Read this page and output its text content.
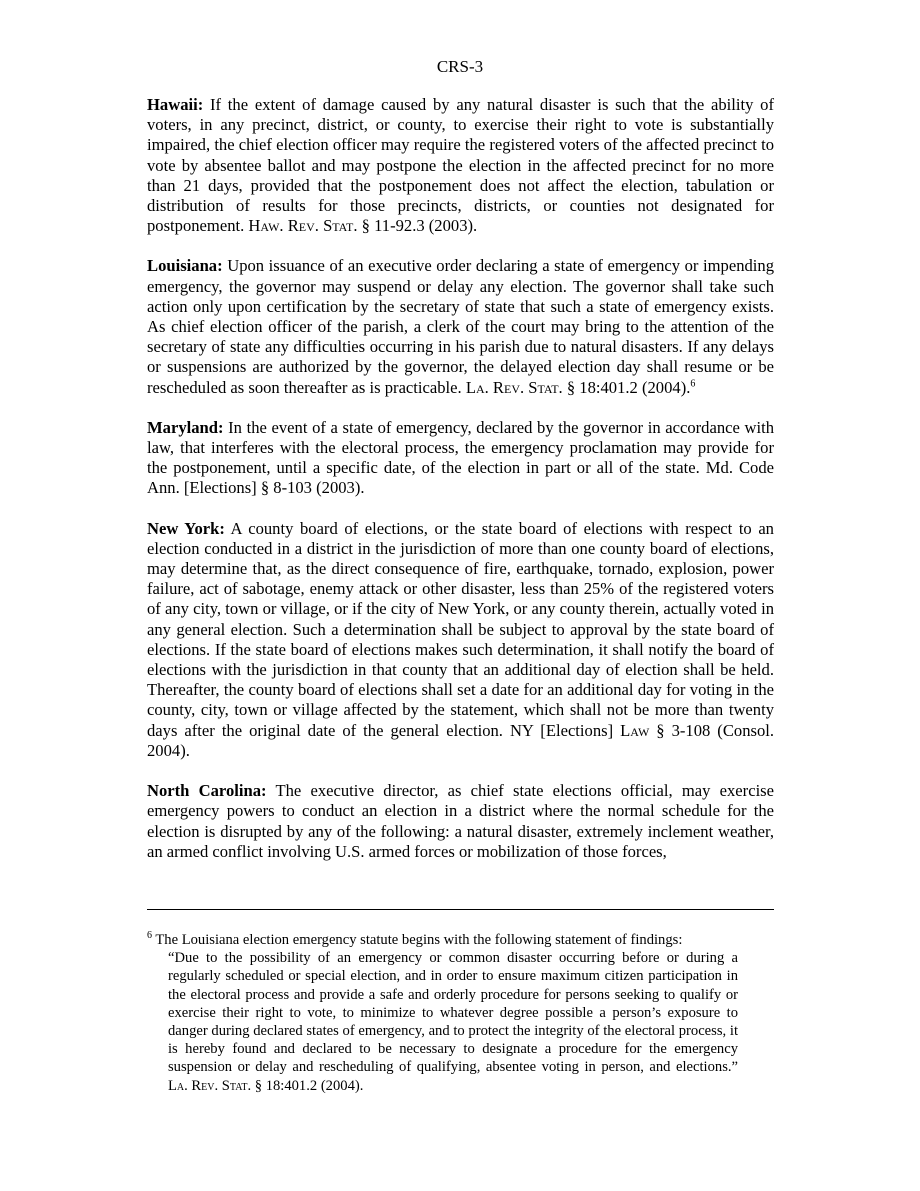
CRS-3

Hawaii: If the extent of damage caused by any natural disaster is such that the ability of voters, in any precinct, district, or county, to exercise their right to vote is substantially impaired, the chief election officer may require the registered voters of the affected precinct to vote by absentee ballot and may postpone the election in the affected precinct for no more than 21 days, provided that the postponement does not affect the election, tabulation or distribution of results for those precincts, districts, or counties not designated for postponement. Haw. Rev. Stat. § 11-92.3 (2003).

Louisiana: Upon issuance of an executive order declaring a state of emergency or impending emergency, the governor may suspend or delay any election. The governor shall take such action only upon certification by the secretary of state that such a state of emergency exists. As chief election officer of the parish, a clerk of the court may bring to the attention of the secretary of state any difficulties occurring in his parish due to natural disasters. If any delays or suspensions are authorized by the governor, the delayed election day shall resume or be rescheduled as soon thereafter as is practicable. La. Rev. Stat. § 18:401.2 (2004).$^6$

Maryland: In the event of a state of emergency, declared by the governor in accordance with law, that interferes with the electoral process, the emergency proclamation may provide for the postponement, until a specific date, of the election in part or all of the state. Md. Code Ann. [Elections] § 8-103 (2003).

New York: A county board of elections, or the state board of elections with respect to an election conducted in a district in the jurisdiction of more than one county board of elections, may determine that, as the direct consequence of fire, earthquake, tornado, explosion, power failure, act of sabotage, enemy attack or other disaster, less than 25% of the registered voters of any city, town or village, or if the city of New York, or any county therein, actually voted in any general election. Such a determination shall be subject to approval by the state board of elections. If the state board of elections makes such determination, it shall notify the board of elections with the jurisdiction in that county that an additional day of election shall be held. Thereafter, the county board of elections shall set a date for an additional day for voting in the county, city, town or village affected by the statement, which shall not be more than twenty days after the original date of the general election. NY [Elections] Law § 3-108 (Consol. 2004).

North Carolina: The executive director, as chief state elections official, may exercise emergency powers to conduct an election in a district where the normal schedule for the election is disrupted by any of the following: a natural disaster, extremely inclement weather, an armed conflict involving U.S. armed forces or mobilization of those forces,

$^6$ The Louisiana election emergency statute begins with the following statement of findings:
“Due to the possibility of an emergency or common disaster occurring before or during a regularly scheduled or special election, and in order to ensure maximum citizen participation in the electoral process and provide a safe and orderly procedure for persons seeking to qualify or exercise their right to vote, to minimize to whatever degree possible a person’s exposure to danger during declared states of emergency, and to protect the integrity of the electoral process, it is hereby found and declared to be necessary to designate a procedure for the emergency suspension or delay and rescheduling of qualifying, absentee voting in person, and elections.” La. Rev. Stat. § 18:401.2 (2004).
